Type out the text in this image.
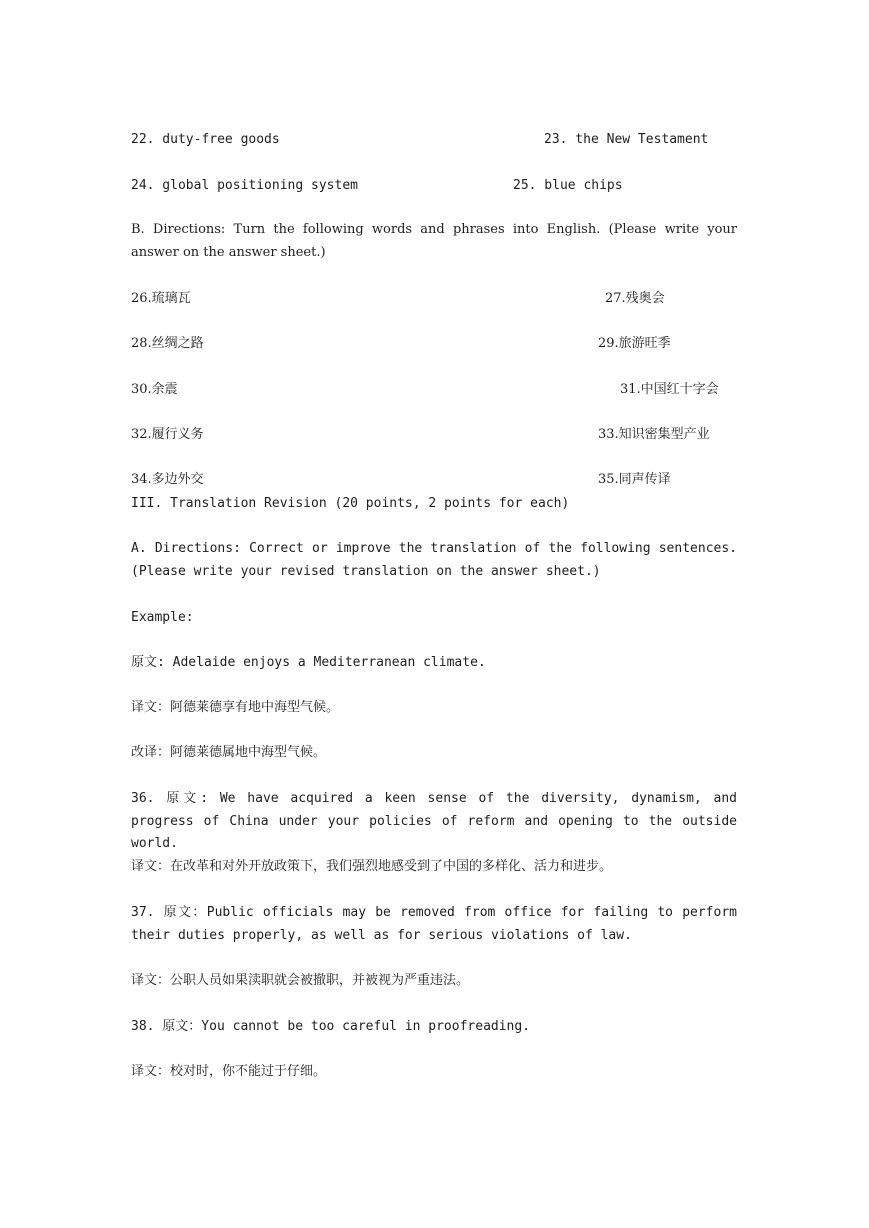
22. duty-free goods	23. the New Testament
24. global positioning system	25. blue chips
B. Directions: Turn the following words and phrases into English. (Please write your answer on the answer sheet.)
26.琉璃瓦	27.残奥会
28.丝绸之路	29.旅游旺季
30.余震	31.中国红十字会
32.履行义务	33.知识密集型产业
34.多边外交	35.同声传译
III. Translation Revision (20 points, 2 points for each)
A. Directions: Correct or improve the translation of the following sentences. (Please write your revised translation on the answer sheet.)
Example:
原文: Adelaide enjoys a Mediterranean climate.
译文：阿德莱德享有地中海型气候。
改译：阿德莱德属地中海型气候。
36. 原文: We have acquired a keen sense of the diversity, dynamism, and progress of China under your policies of reform and opening to the outside world.
译文：在改革和对外开放政策下，我们强烈地感受到了中国的多样化、活力和进步。
37. 原文：Public officials may be removed from office for failing to perform their duties properly, as well as for serious violations of law.
译文：公职人员如果渎职就会被撤职，并被视为严重违法。
38. 原文：You cannot be too careful in proofreading.
译文：校对时，你不能过于仔细。
